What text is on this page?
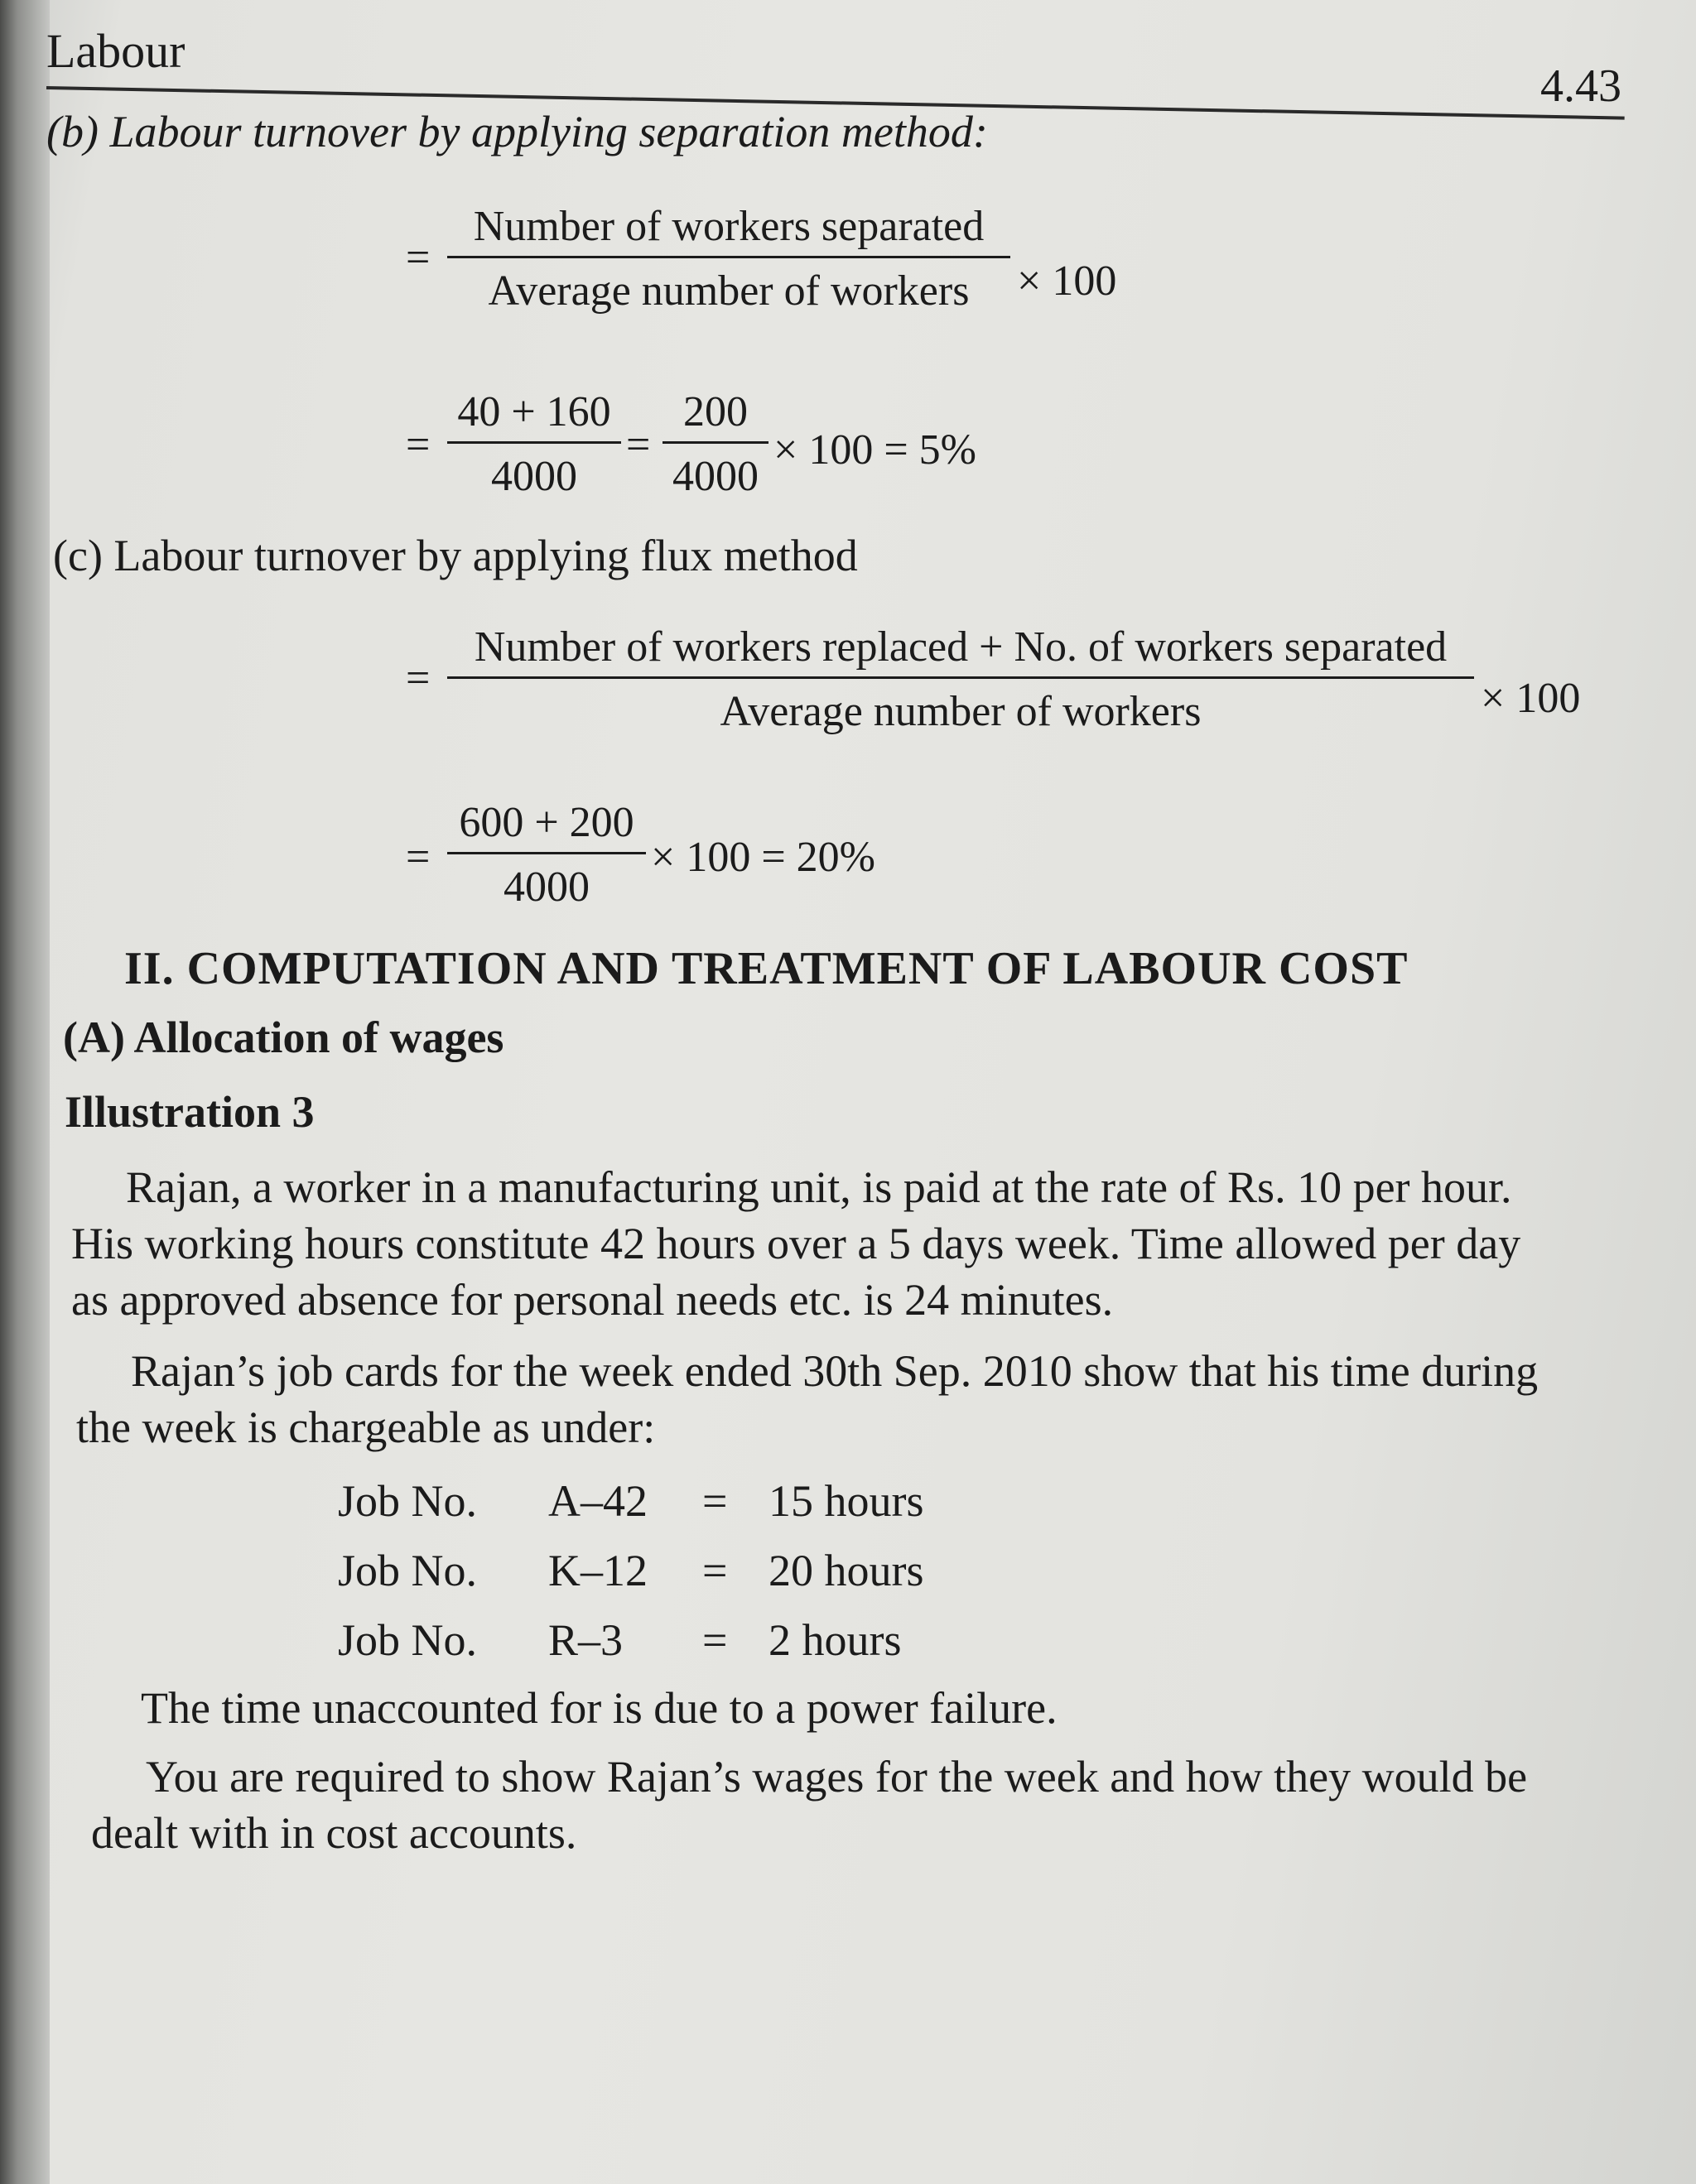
Labour
4.43
(b) Labour turnover by applying separation method:
=
Number of workers separated
Average number of workers × 100
=
40 + 160
4000
=
200
4000
× 100 = 5%
(c) Labour turnover by applying flux method
=
Number of workers replaced + No. of workers separated
Average number of workers	× 100
=
600 + 200
4000
× 100 = 20%
II. COMPUTATION AND TREATMENT OF LABOUR COST
(A) Allocation of wages
Illustration 3
Rajan, a worker in a manufacturing unit, is paid at the rate of Rs. 10 per hour.
His working hours constitute 42 hours over a 5 days week. Time allowed per day
as approved absence for personal needs etc. is 24 minutes.
Rajan’s job cards for the week ended 30th Sep. 2010 show that his time during
the week is chargeable as under:
Job No. A–42 = 15 hours
Job No. K–12 = 20 hours
Job No. R–3 = 2 hours
The time unaccounted for is due to a power failure.
You are required to show Rajan’s wages for the week and how they would be
dealt with in cost accounts.
